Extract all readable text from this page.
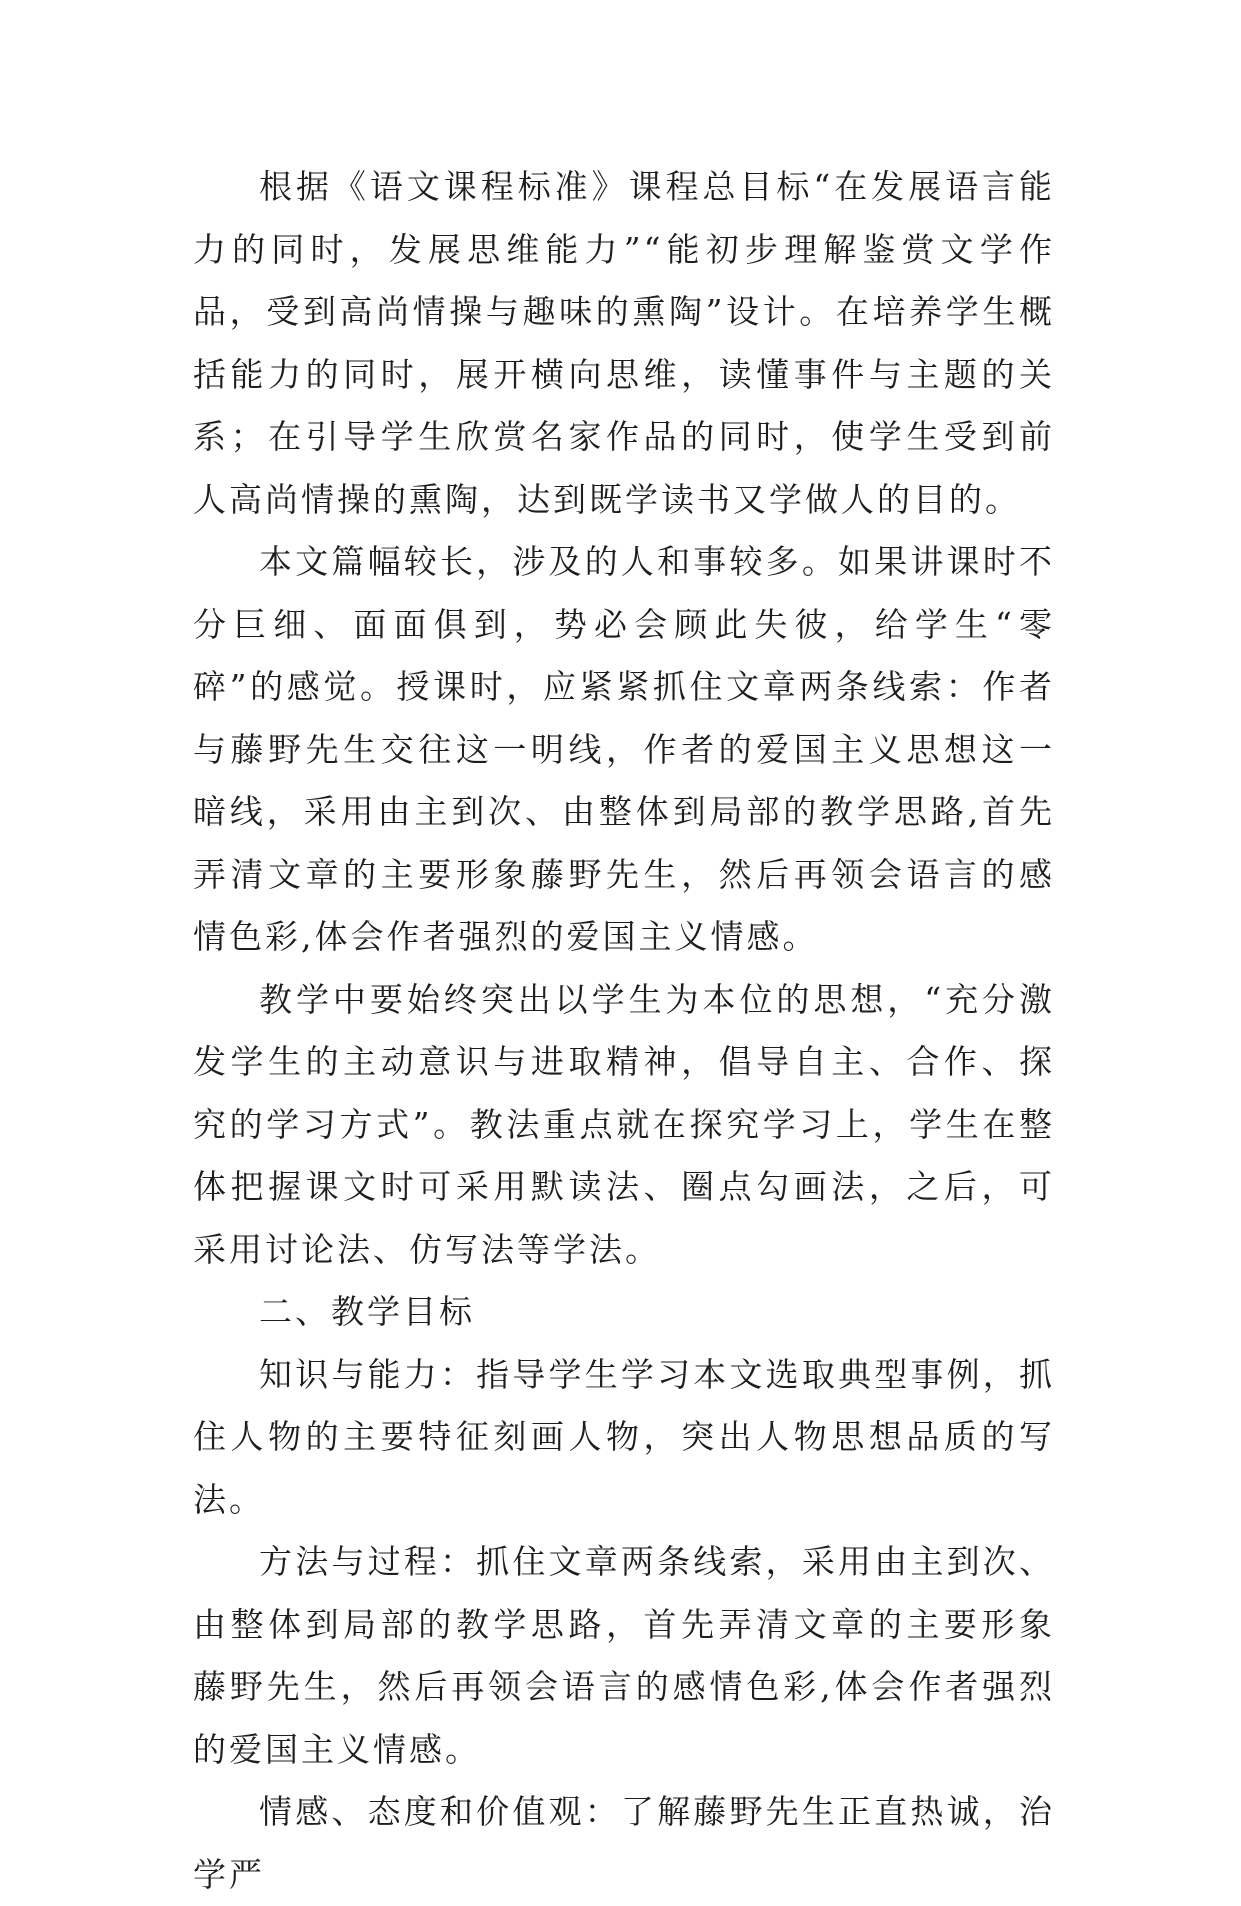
根据《语文课程标准》课程总目标“在发展语言能力的同时，发展思维能力”“能初步理解鉴赏文学作品，受到高尚情操与趣味的熏陶”设计。在培养学生概括能力的同时，展开横向思维，读懂事件与主题的关系；在引导学生欣赏名家作品的同时，使学生受到前人高尚情操的熏陶，达到既学读书又学做人的目的。

本文篇幅较长，涉及的人和事较多。如果讲课时不分巨细、面面俱到，势必会顾此失彼，给学生“零碎”的感觉。授课时，应紧紧抓住文章两条线索：作者与藤野先生交往这一明线，作者的爱国主义思想这一暗线，采用由主到次、由整体到局部的教学思路,首先弄清文章的主要形象藤野先生，然后再领会语言的感情色彩,体会作者强烈的爱国主义情感。

教学中要始终突出以学生为本位的思想，“充分激发学生的主动意识与进取精神，倡导自主、合作、探究的学习方式”。教法重点就在探究学习上，学生在整体把握课文时可采用默读法、圈点勾画法，之后，可采用讨论法、仿写法等学法。

二、教学目标

知识与能力：指导学生学习本文选取典型事例，抓住人物的主要特征刻画人物，突出人物思想品质的写法。

方法与过程：抓住文章两条线索，采用由主到次、由整体到局部的教学思路，首先弄清文章的主要形象藤野先生，然后再领会语言的感情色彩,体会作者强烈的爱国主义情感。

情感、态度和价值观：了解藤野先生正直热诚，治学严
